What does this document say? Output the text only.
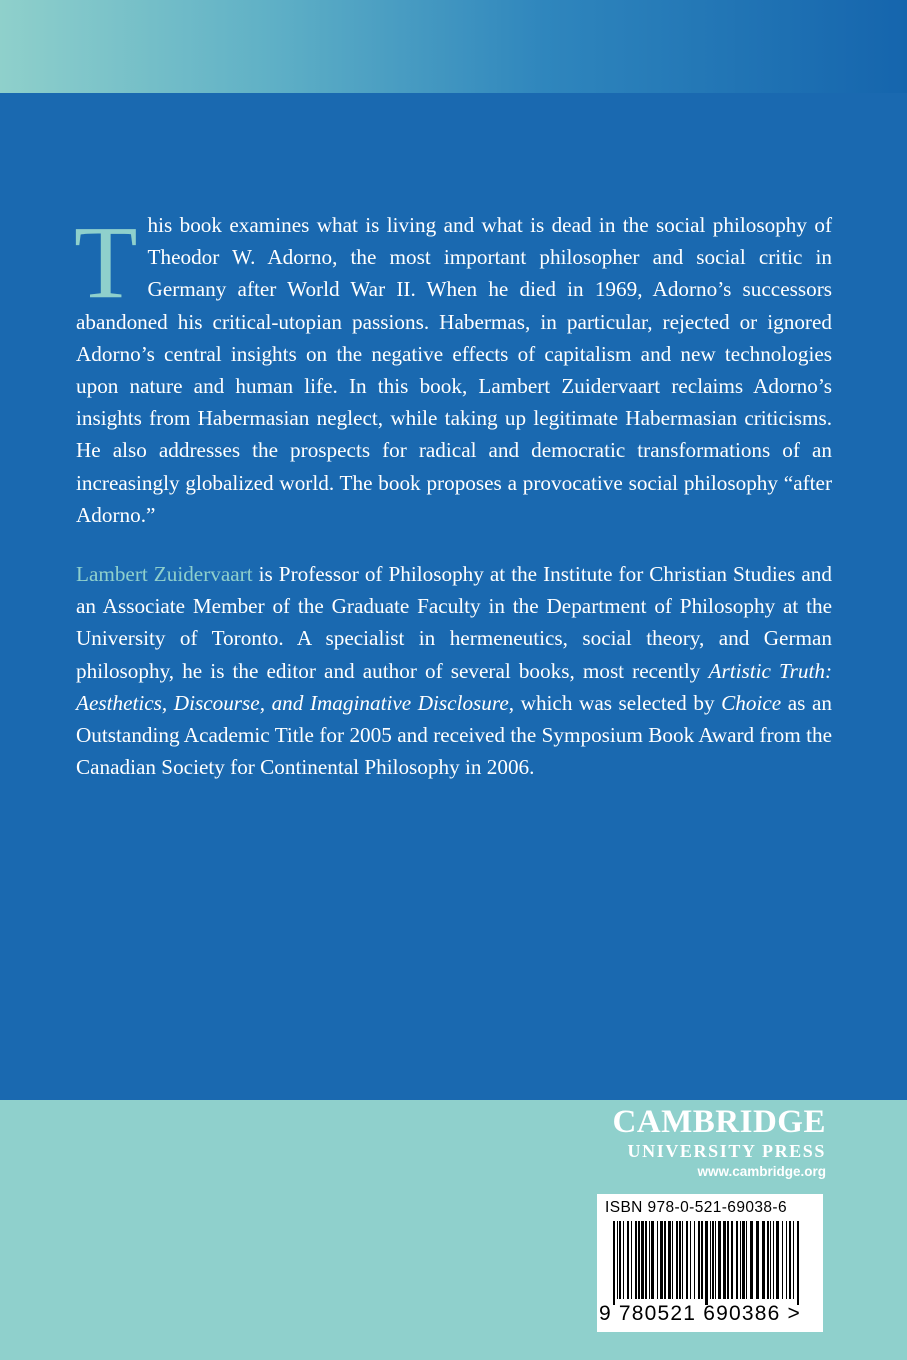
This book examines what is living and what is dead in the social philosophy of Theodor W. Adorno, the most important philosopher and social critic in Germany after World War II. When he died in 1969, Adorno’s successors abandoned his critical-utopian passions. Habermas, in particular, rejected or ignored Adorno’s central insights on the negative effects of capitalism and new technologies upon nature and human life. In this book, Lambert Zuidervaart reclaims Adorno’s insights from Habermasian neglect, while taking up legitimate Habermasian criticisms. He also addresses the prospects for radical and democratic transformations of an increasingly globalized world. The book proposes a provocative social philosophy “after Adorno.”

Lambert Zuidervaart is Professor of Philosophy at the Institute for Christian Studies and an Associate Member of the Graduate Faculty in the Department of Philosophy at the University of Toronto. A specialist in hermeneutics, social theory, and German philosophy, he is the editor and author of several books, most recently Artistic Truth: Aesthetics, Discourse, and Imaginative Disclosure, which was selected by Choice as an Outstanding Academic Title for 2005 and received the Symposium Book Award from the Canadian Society for Continental Philosophy in 2006.

CAMBRIDGE
UNIVERSITY PRESS
www.cambridge.org
ISBN 978-0-521-69038-6
9 780521 690386 >
